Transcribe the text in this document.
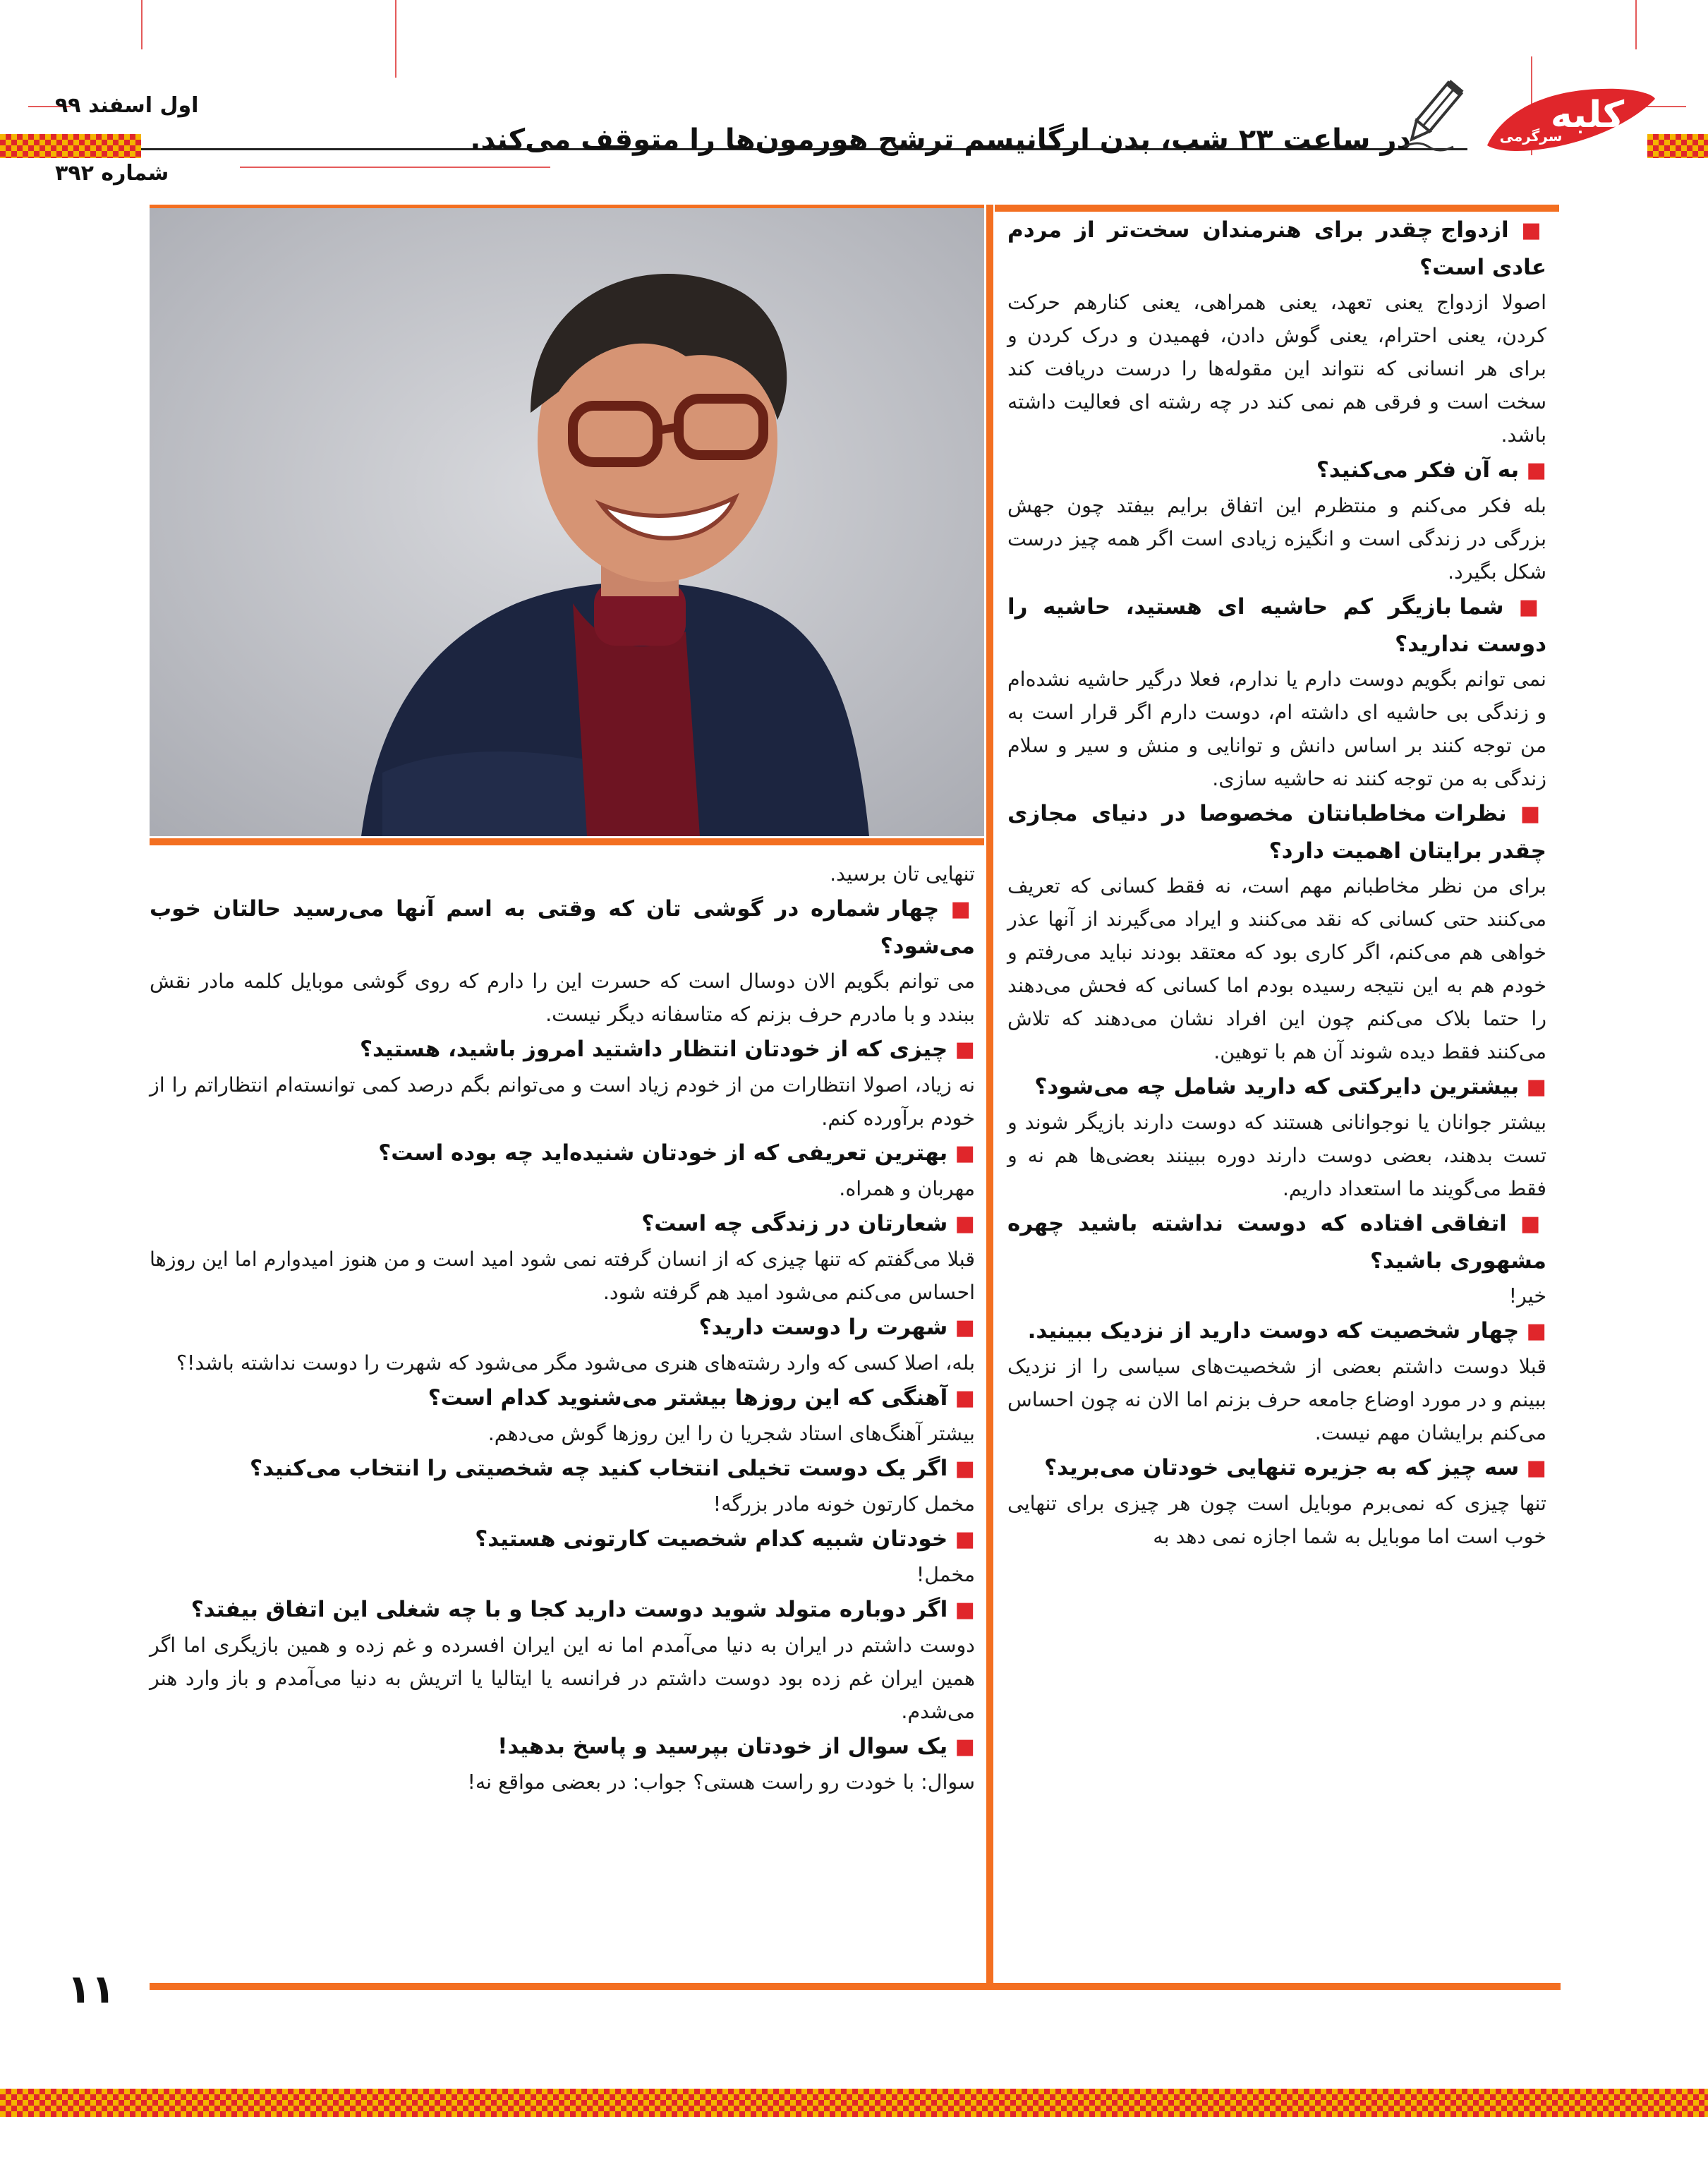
اول اسفند ۹۹
شماره ۳۹۲
در ساعت ۲۳ شب، بدن ارگانیسم ترشح هورمون‌ها را متوقف می‌کند.
کلبه
سرگرمی
■ ازدواج چقدر برای هنرمندان سخت‌تر از مردم عادی است؟
اصولا ازدواج یعنی تعهد، یعنی همراهی، یعنی کنارهم حرکت کردن، یعنی احترام، یعنی گوش دادن، فهمیدن و درک کردن و برای هر انسانی که نتواند این مقوله‌ها را درست دریافت کند سخت است و فرقی هم نمی کند در چه رشته ای فعالیت داشته باشد.
■ به آن فکر می‌کنید؟
بله فکر می‌کنم و منتظرم این اتفاق برایم بیفتد چون جهش بزرگی در زندگی است و انگیزه زیادی است اگر همه چیز درست شکل بگیرد.
■ شما بازیگر کم حاشیه ای هستید، حاشیه را دوست ندارید؟
نمی توانم بگویم دوست دارم یا ندارم، فعلا درگیر حاشیه نشده‌ام و زندگی بی حاشیه ای داشته ام، دوست دارم اگر قرار است به من توجه کنند بر اساس دانش و توانایی و منش و سیر و سلام زندگی به من توجه کنند نه حاشیه سازی.
■ نظرات مخاطبانتان مخصوصا در دنیای مجازی چقدر برایتان اهمیت دارد؟
برای من نظر مخاطبانم مهم است، نه فقط کسانی که تعریف می‌کنند حتی کسانی که نقد می‌کنند و ایراد می‌گیرند از آنها عذر خواهی هم می‌کنم، اگر کاری بود که معتقد بودند نباید می‌رفتم و خودم هم به این نتیجه رسیده بودم اما کسانی که فحش می‌دهند را حتما بلاک می‌کنم چون این افراد نشان می‌دهند که تلاش می‌کنند فقط دیده شوند آن هم با توهین.
■ بیشترین دایرکتی که دارید شامل چه می‌شود؟
بیشتر جوانان یا نوجوانانی هستند که دوست دارند بازیگر شوند و تست بدهند، بعضی دوست دارند دوره ببینند بعضی‌ها هم نه و فقط می‌گویند ما استعداد داریم.
■ اتفاقی افتاده که دوست نداشته باشید چهره مشهوری باشید؟
خیر!
■ چهار شخصیت که دوست دارید از نزدیک ببینید.
قبلا دوست داشتم بعضی از شخصیت‌های سیاسی را از نزدیک ببینم و در مورد اوضاع جامعه حرف بزنم اما الان نه چون احساس می‌کنم برایشان مهم نیست.
■ سه چیز که به جزیره تنهایی خودتان می‌برید؟
تنها چیزی که نمی‌برم موبایل است چون هر چیزی برای تنهایی خوب است اما موبایل به شما اجازه نمی دهد به
تنهایی تان برسید.
■ چهار شماره در گوشی تان که وقتی به اسم آنها می‌رسید حالتان خوب می‌شود؟
می توانم بگویم الان دوسال است که حسرت این را دارم که روی گوشی موبایل کلمه مادر نقش ببندد و با مادرم حرف بزنم که متاسفانه دیگر نیست.
■ چیزی که از خودتان انتظار داشتید امروز باشید، هستید؟
نه زیاد، اصولا انتظارات من از خودم زیاد است و می‌توانم بگم درصد کمی توانسته‌ام انتظاراتم را از خودم برآورده کنم.
■ بهترین تعریفی که از خودتان شنیده‌اید چه بوده است؟
مهربان و همراه.
■ شعارتان در زندگی چه است؟
قبلا می‌گفتم که تنها چیزی که از انسان گرفته نمی شود امید است و من هنوز امیدوارم اما این روزها احساس می‌کنم می‌شود امید هم گرفته شود.
■ شهرت را دوست دارید؟
بله، اصلا کسی که وارد رشته‌های هنری می‌شود مگر می‌شود که شهرت را دوست نداشته باشد!؟
■ آهنگی که این روزها بیشتر می‌شنوید کدام است؟
بیشتر آهنگ‌های استاد شجریا ن را این روزها گوش می‌دهم.
■ اگر یک دوست تخیلی انتخاب کنید چه شخصیتی را انتخاب می‌کنید؟
مخمل کارتون خونه مادر بزرگه!
■ خودتان شبیه کدام شخصیت کارتونی هستید؟
مخمل!
■ اگر دوباره متولد شوید دوست دارید کجا و با چه شغلی این اتفاق بیفتد؟
دوست داشتم در ایران به دنیا می‌آمدم اما نه این ایران افسرده و غم زده و همین بازیگری اما اگر همین ایران غم زده بود دوست داشتم در فرانسه یا ایتالیا یا اتریش به دنیا می‌آمدم و باز وارد هنر می‌شدم.
■ یک سوال از خودتان بپرسید و پاسخ بدهید!
سوال: با خودت رو راست هستی؟ جواب: در بعضی مواقع نه!
۱۱
